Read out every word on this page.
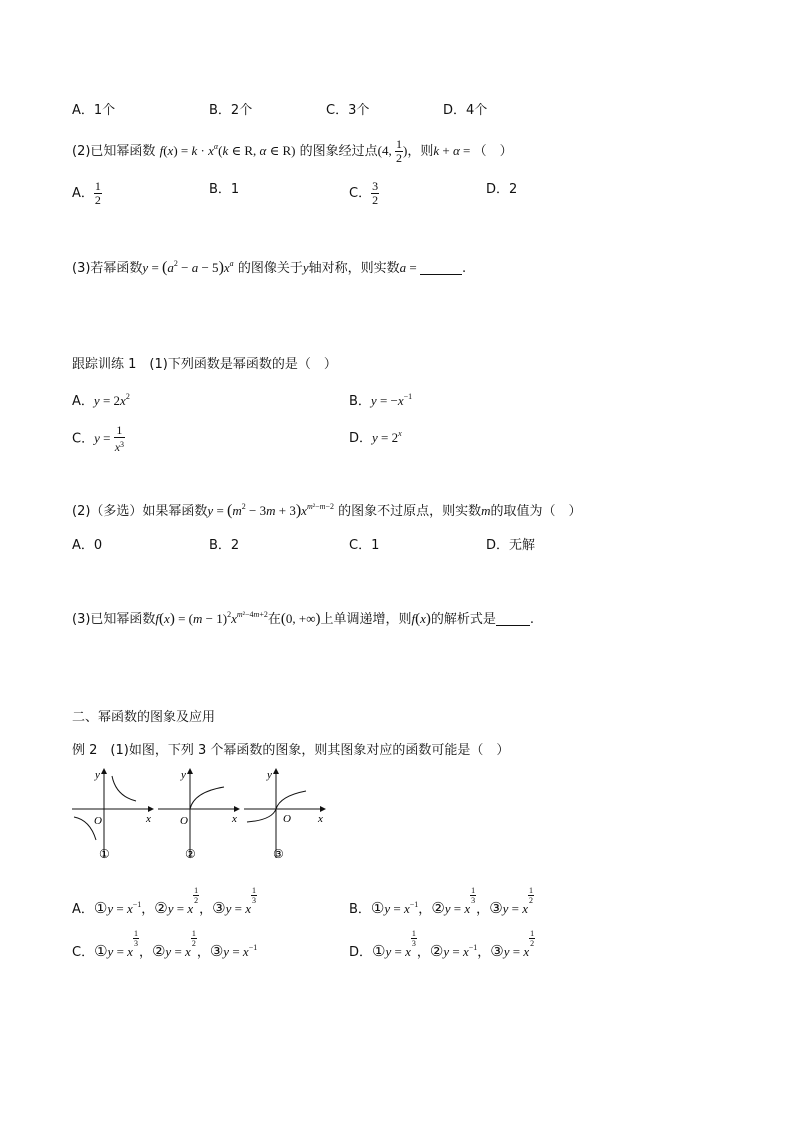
A．1个	B．2个	C．3个	D．4个
(2)已知幂函数 $f(x) = k \cdot x^\alpha(k$ ∈ R, α ∈ R) 的图象经过点(4, $\frac{1}{2}$ )，则k + α = （　）
A． $\frac{1}{2}$	B．1	C． $\frac{3}{2}$	D．2
(3)若幂函数$y = (a^2 - a - 5)x^a$ 的图像关于y轴对称，则实数a =	.
跟踪训练 1　(1)下列函数是幂函数的是（　）
A．$y = 2x^2$	B．$y = -x^{-1}$
C．$y = \frac{1}{x^3}$	D．$y = 2^x$
(2)（多选）如果幂函数$y = (m^2 - 3m + 3)x^{m^2-m-2}$ 的图象不过原点，则实数m的取值为（　）
A．0	B．2	C．1	D．无解
(3)已知幂函数$f(x) = (m - 1)^2x^{m^2-4m+2}$在(0, +∞)上单调递增，则f(x)的解析式是	.
二、幂函数的图象及应用
例 2　(1)如图，下列 3 个幂函数的图象，则其图象对应的函数可能是（　）
y
x
O
①
y
x
O
②
y
x
O
③
A．①y = $x^{-1}$，②y = x
$\frac{1}{2}$
，③y = x
$\frac{1}{3}$
B．①y = $x^{-1}$，②y = x
$\frac{1}{3}$
，③y = x
$\frac{1}{2}$
C．①y = x
$\frac{1}{3}$
，②y = x
$\frac{1}{2}$
，③y = $x^{-1}$	D．①y = x
$\frac{1}{3}$
，②y = $x^{-1}$，③y = x
$\frac{1}{2}$
